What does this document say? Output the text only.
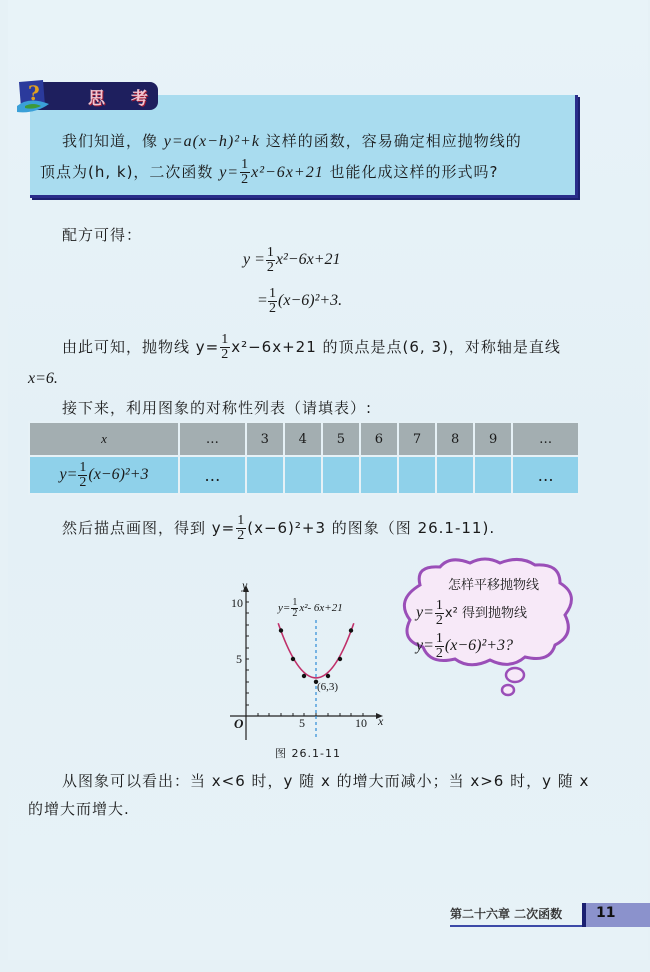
?	思 考
我们知道，像 y=a(x−h)²+k 这样的函数，容易确定相应抛物线的
顶点为(h, k)，二次函数 $y= \frac{1}{2} x^2-6x+21$ 也能化成这样的形式吗?
配方可得：
$y = \frac{1}{2} x^2-6x+21$
= $\frac{1}{2} (x-6)^2+3$.
由此可知，抛物线 $y= \frac{1}{2} x^2-6x+21$ 的顶点是点(6, 3)，对称轴是直线
x=6.
接下来，利用图象的对称性列表（请填表）:
x	…	3	4	5	6	7	8	9	…
$y= \frac{1}{2} (x-6)^2+3$	…								…
然后描点画图，得到 $y= \frac{1}{2} (x-6)^2+3$ 的图象（图 26.1-11).
10
5
y
O	5	10 x
(6,3)
$y= \frac{1}{2} x^2-$ 6x+21
图 26.1-11
怎样平移抛物线
$y= \frac{1}{2} x^2$ 得到抛物线
$y= \frac{1}{2} (x-6)^2+3$?
从图象可以看出：当 x<6 时，y 随 x 的增大而减小；当 x>6 时，y 随 x
的增大而增大.
第二十六章 二次函数 11
